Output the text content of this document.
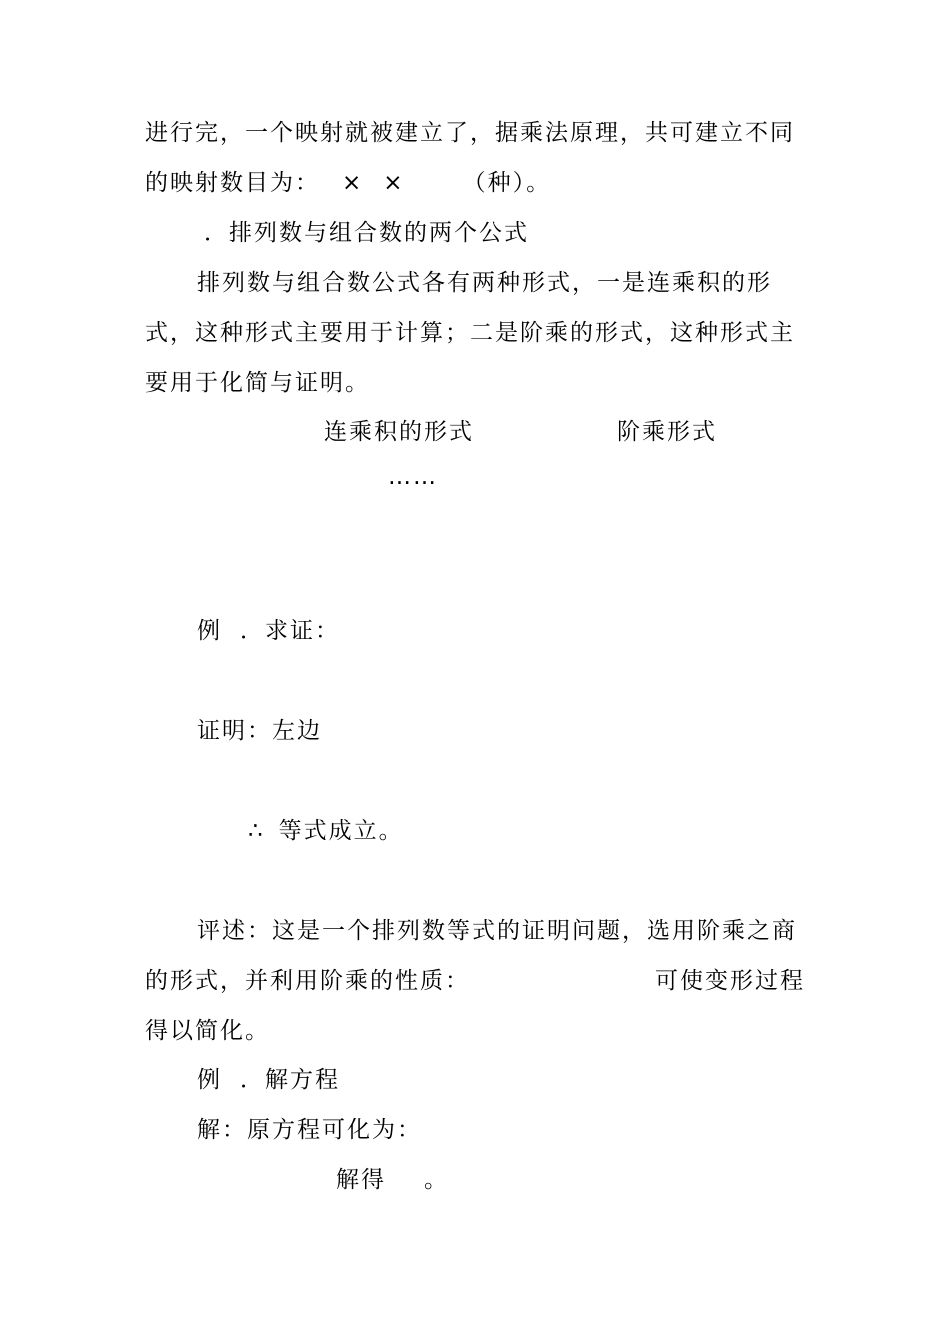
进行完，一个映射就被建立了，据乘法原理，共可建立不同
的映射数目为： × ×	（种）。
．排列数与组合数的两个公式
排列数与组合数公式各有两种形式，一是连乘积的形
式，这种形式主要用于计算；二是阶乘的形式，这种形式主
要用于化简与证明。
连乘积的形式	阶乘形式
……
例 ．求证：
证明：左边
∴ 等式成立。
评述：这是一个排列数等式的证明问题，选用阶乘之商
的形式，并利用阶乘的性质：	可使变形过程
得以简化。
例 ．解方程
解：原方程可化为：
解得 。
